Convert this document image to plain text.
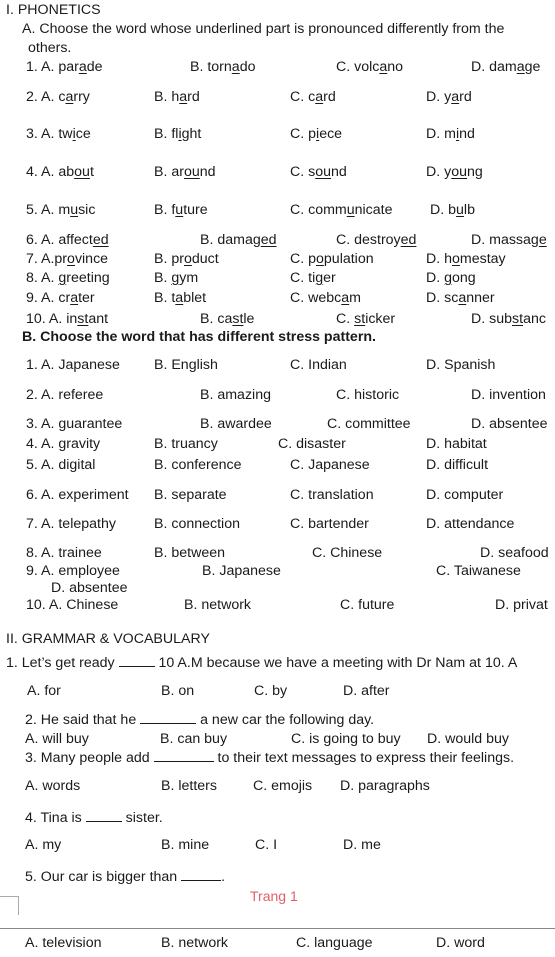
I. PHONETICS
A. Choose the word whose underlined part is pronounced differently from the
others.
1. A. parade	B. tornado	C. volcano	D. damage
2. A. carry	B. hard	C. card	D. yard
3. A. twice	B. flight	C. piece	D. mind
4. A. about	B. around	C. sound	D. young
5. A. music	B. future	C. communicate	D. bulb
6. A. affected	B. damaged	C. destroyed	D. massage
7. A.province	B. product	C. population	D. homestay
8. A. greeting	B. gym	C. tiger	D. gong
9. A. crater	B. tablet	C. webcam	D. scanner
10. A. instant	B. castle	C. sticker	D. substanc
B. Choose the word that has different stress pattern.
1. A. Japanese B. English	C. Indian	D. Spanish
2. A. referee	B. amazing	C. historic	D. invention
3. A. guarantee	B. awardee	C. committee	D. absentee
4. A. gravity	B. truancy	C. disaster	D. habitat
5. A. digital	B. conference	C. Japanese	D. difficult
6. A. experiment B. separate	C. translation	D. computer
7. A. telepathy	B. connection	C. bartender	D. attendance
8. A. trainee	B. between	C. Chinese	D. seafood
9. A. employee	B. Japanese	C. Taiwanese
D. absentee
10. A. Chinese	B. network	C. future	D. privat
II. GRAMMAR & VOCABULARY
1. Let’s get ready	10 A.M because we have a meeting with Dr Nam at 10. A
A. for	B. on	C. by	D. after
2. He said that he	a new car the following day.
A. will buy	B. can buy	C. is going to buy D. would buy
3. Many people add	to their text messages to express their feelings.
A. words	B. letters	C. emojis D. paragraphs
4. Tina is	sister.
A. my	B. mine	C. I	D. me
5. Our car is bigger than	.
Trang 1
A. television	B. network	C. language	D. word
